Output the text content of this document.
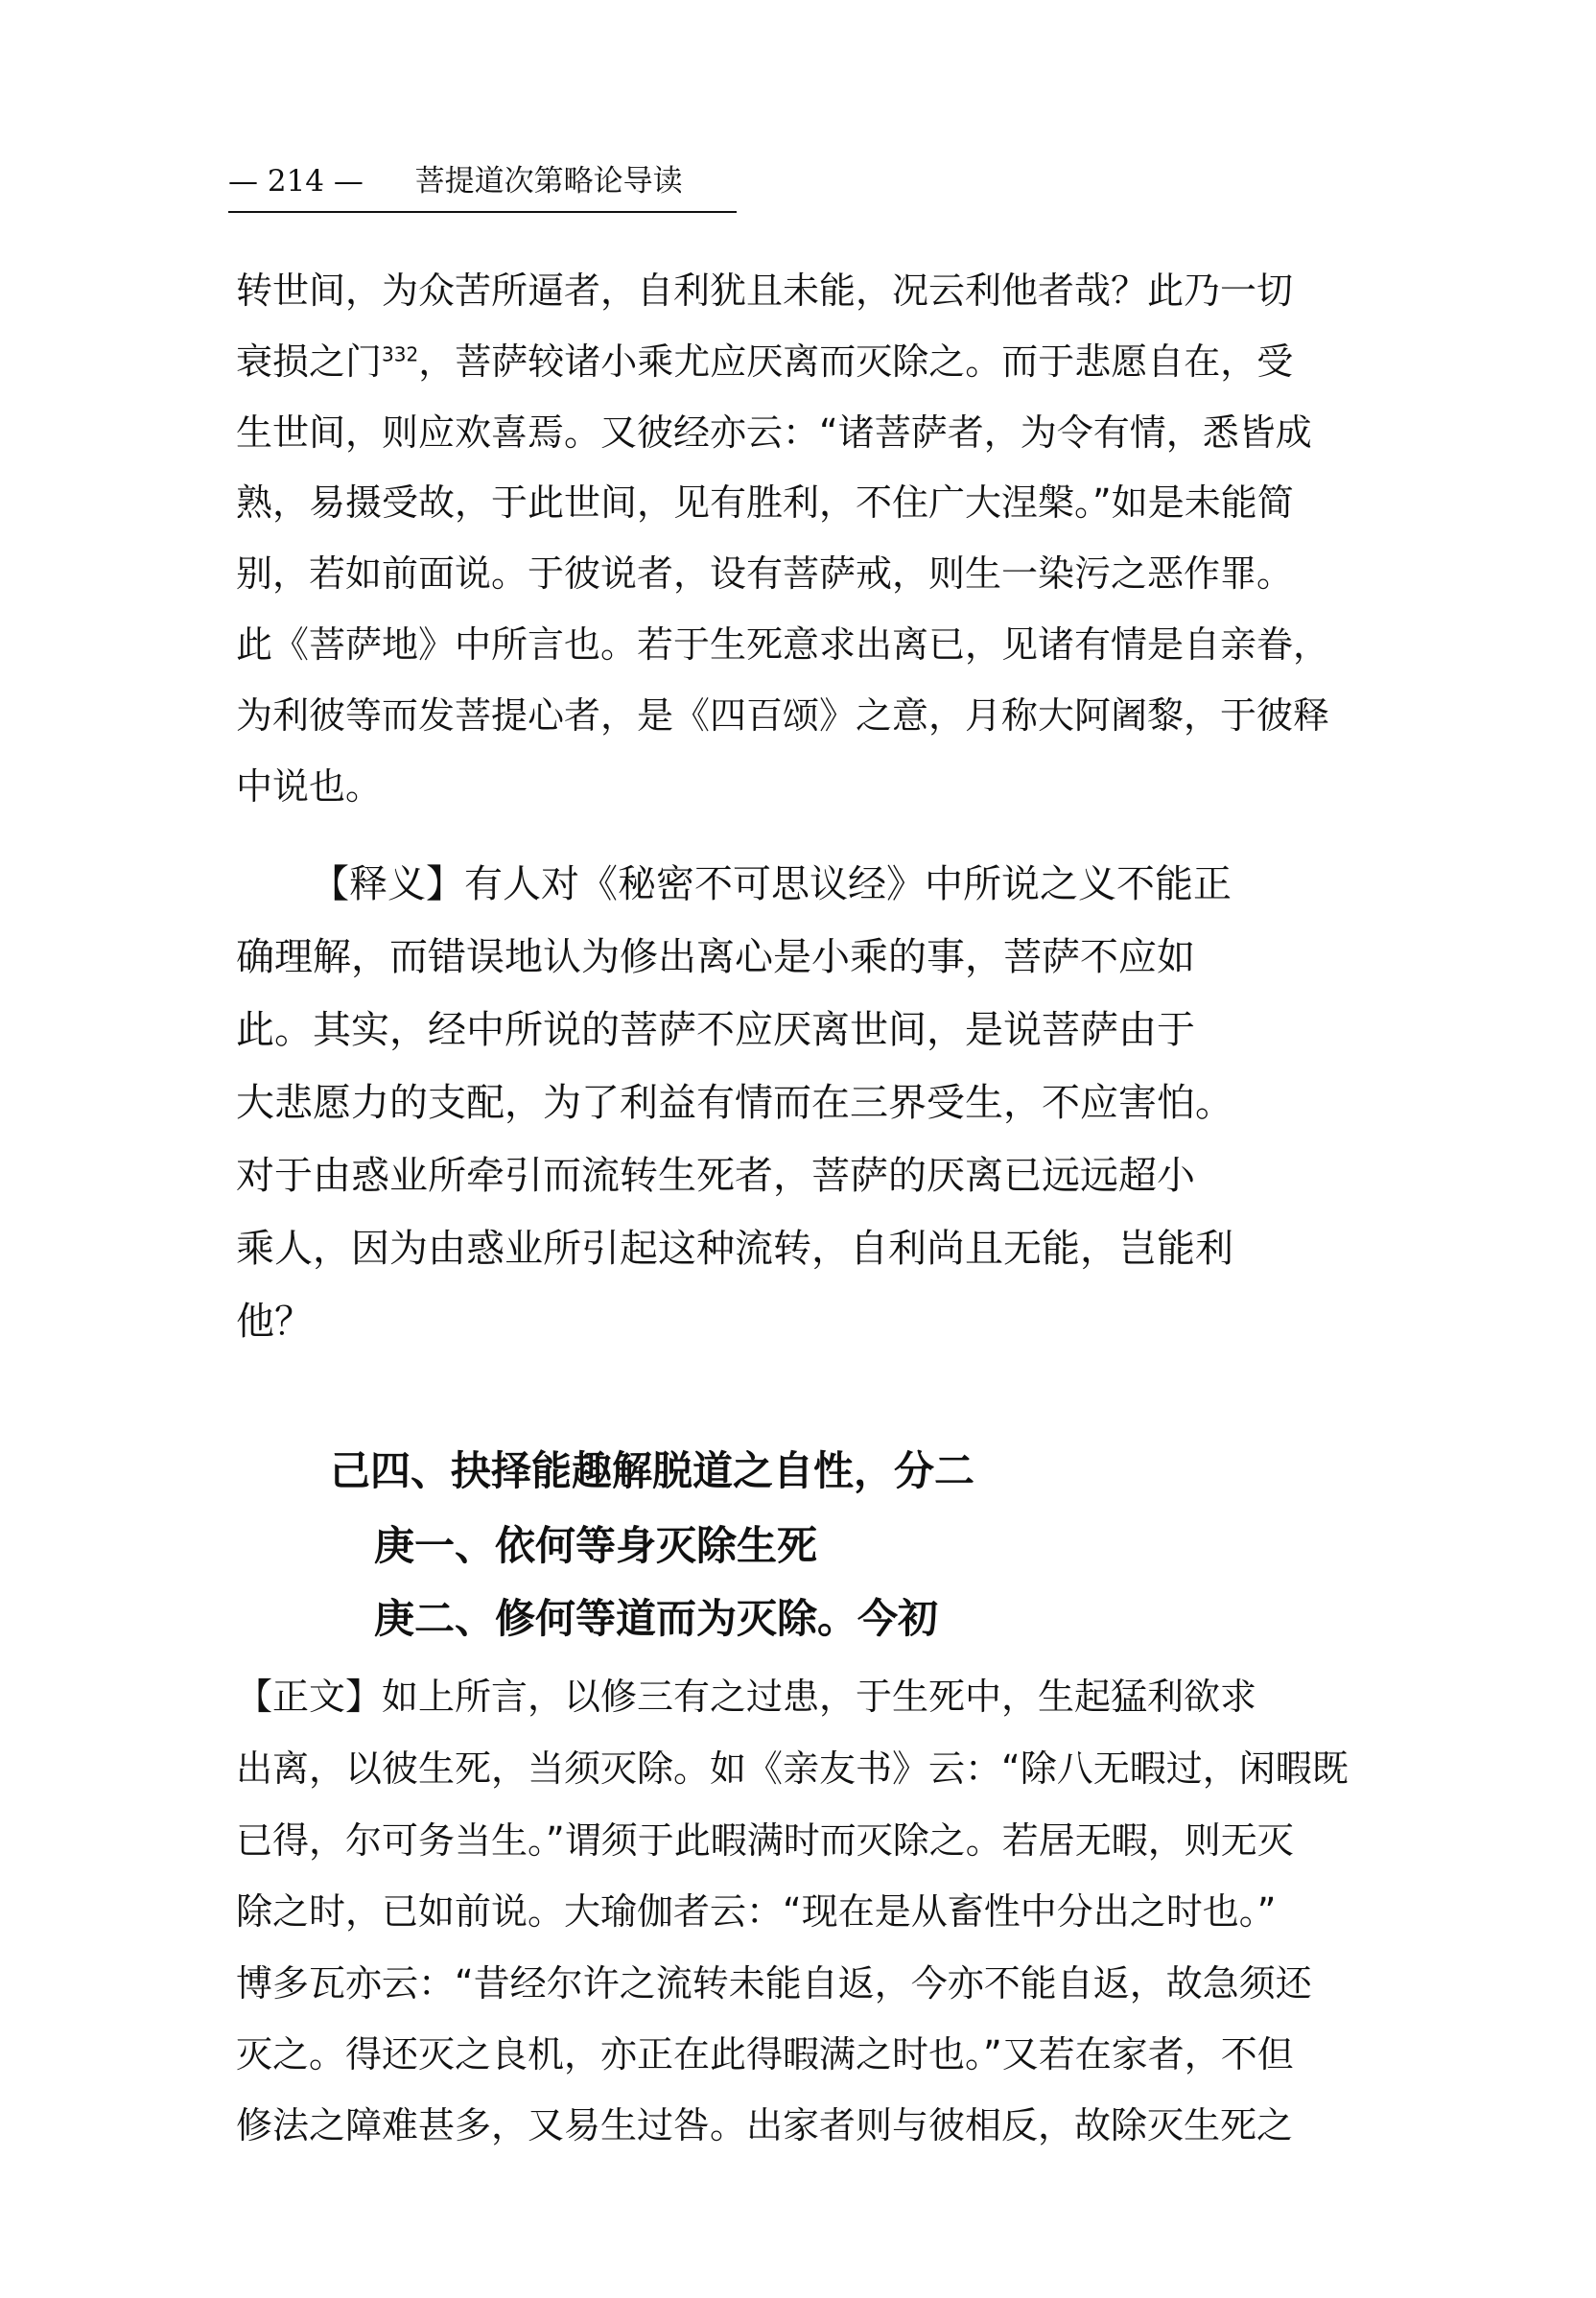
— 214 — 菩提道次第略论导读
转世间，为众苦所逼者，自利犹且未能，况云利他者哉？此乃一切
衰损之门$^{332}$，菩萨较诸小乘尤应厌离而灭除之。而于悲愿自在，受
生世间，则应欢喜焉。又彼经亦云：“诸菩萨者，为令有情，悉皆成
熟，易摄受故，于此世间，见有胜利，不住广大涅槃。”如是未能简
别，若如前面说。于彼说者，设有菩萨戒，则生一染污之恶作罪。
此《菩萨地》中所言也。若于生死意求出离已，见诸有情是自亲眷，
为利彼等而发菩提心者，是《四百颂》之意，月称大阿阇黎，于彼释
中说也。
【释义】有人对《秘密不可思议经》中所说之义不能正
确理解，而错误地认为修出离心是小乘的事，菩萨不应如
此。其实，经中所说的菩萨不应厌离世间，是说菩萨由于
大悲愿力的支配，为了利益有情而在三界受生，不应害怕。
对于由惑业所牵引而流转生死者，菩萨的厌离已远远超小
乘人，因为由惑业所引起这种流转，自利尚且无能，岂能利
他？
己四、抉择能趣解脱道之自性，分二
庚一、依何等身灭除生死
庚二、修何等道而为灭除。今初
【正文】如上所言，以修三有之过患，于生死中，生起猛利欲求
出离，以彼生死，当须灭除。如《亲友书》云：“除八无暇过，闲暇既
已得，尔可务当生。”谓须于此暇满时而灭除之。若居无暇，则无灭
除之时，已如前说。大瑜伽者云：“现在是从畜性中分出之时也。”
博多瓦亦云：“昔经尔许之流转未能自返，今亦不能自返，故急须还
灭之。得还灭之良机，亦正在此得暇满之时也。”又若在家者，不但
修法之障难甚多，又易生过咎。出家者则与彼相反，故除灭生死之
